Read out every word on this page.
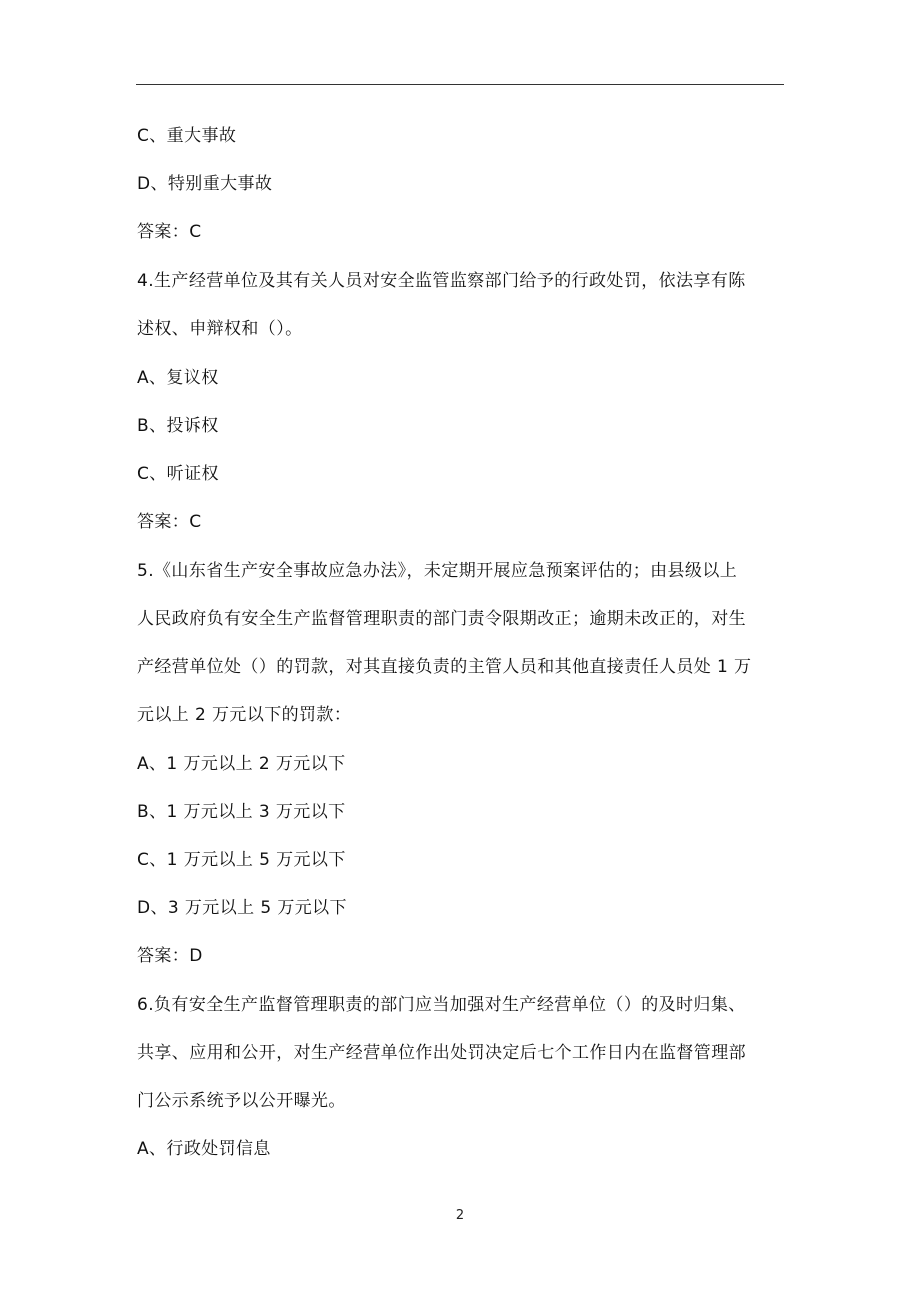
C、重大事故
D、特别重大事故
答案：C
4.生产经营单位及其有关人员对安全监管监察部门给予的行政处罚，依法享有陈
述权、申辩权和（）。
A、复议权
B、投诉权
C、听证权
答案：C
5.《山东省生产安全事故应急办法》，未定期开展应急预案评估的；由县级以上
人民政府负有安全生产监督管理职责的部门责令限期改正；逾期未改正的，对生
产经营单位处（）的罚款，对其直接负责的主管人员和其他直接责任人员处 1 万
元以上 2 万元以下的罚款：
A、1 万元以上 2 万元以下
B、1 万元以上 3 万元以下
C、1 万元以上 5 万元以下
D、3 万元以上 5 万元以下
答案：D
6.负有安全生产监督管理职责的部门应当加强对生产经营单位（）的及时归集、
共享、应用和公开，对生产经营单位作出处罚决定后七个工作日内在监督管理部
门公示系统予以公开曝光。
A、行政处罚信息
2
